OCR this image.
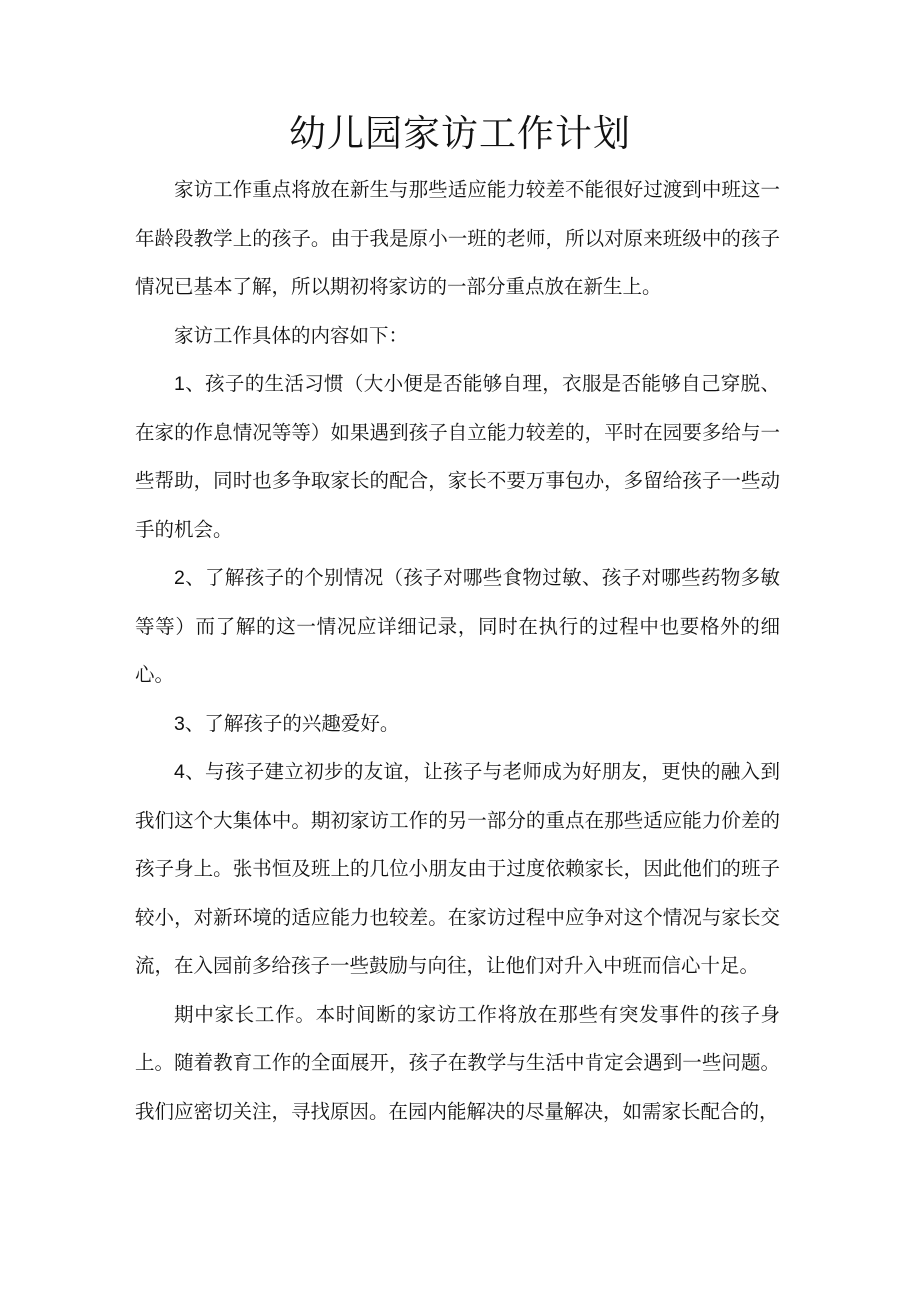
幼儿园家访工作计划

家访工作重点将放在新生与那些适应能力较差不能很好过渡到中班这一年龄段教学上的孩子。由于我是原小一班的老师，所以对原来班级中的孩子情况已基本了解，所以期初将家访的一部分重点放在新生上。

家访工作具体的内容如下：

1、孩子的生活习惯（大小便是否能够自理，衣服是否能够自己穿脱、在家的作息情况等等）如果遇到孩子自立能力较差的，平时在园要多给与一些帮助，同时也多争取家长的配合，家长不要万事包办，多留给孩子一些动手的机会。

2、了解孩子的个别情况（孩子对哪些食物过敏、孩子对哪些药物多敏等等）而了解的这一情况应详细记录，同时在执行的过程中也要格外的细心。

3、了解孩子的兴趣爱好。

4、与孩子建立初步的友谊，让孩子与老师成为好朋友，更快的融入到我们这个大集体中。期初家访工作的另一部分的重点在那些适应能力价差的孩子身上。张书恒及班上的几位小朋友由于过度依赖家长，因此他们的班子较小，对新环境的适应能力也较差。在家访过程中应争对这个情况与家长交流，在入园前多给孩子一些鼓励与向往，让他们对升入中班而信心十足。

期中家长工作。本时间断的家访工作将放在那些有突发事件的孩子身上。随着教育工作的全面展开，孩子在教学与生活中肯定会遇到一些问题。我们应密切关注，寻找原因。在园内能解决的尽量解决，如需家长配合的，
